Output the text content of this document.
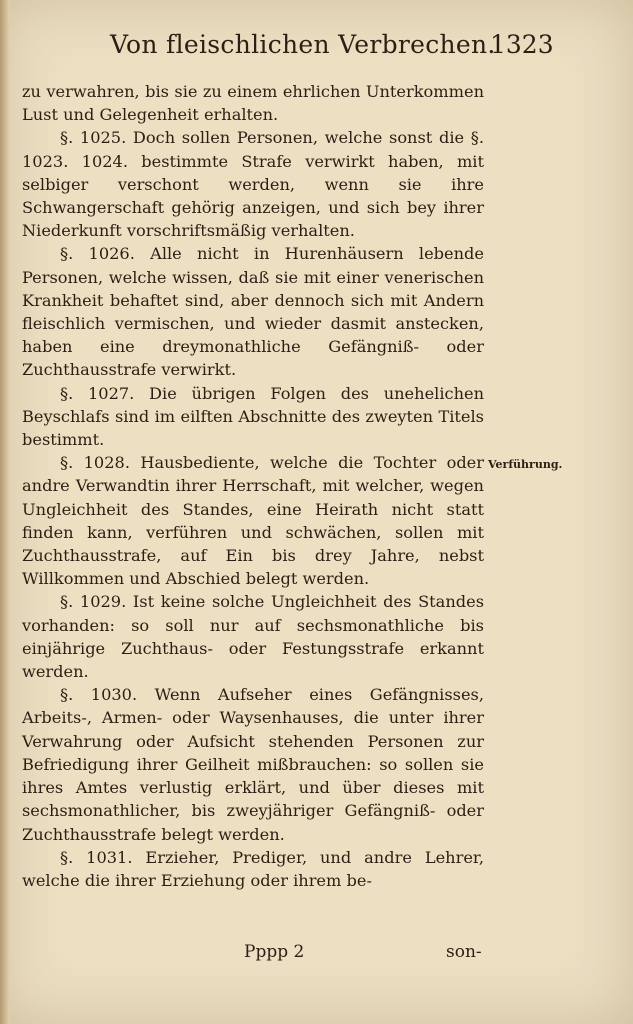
Von fleischlichen Verbrechen.
1323

zu verwahren, bis sie zu einem ehrlichen Unterkommen Lust und Gelegenheit erhalten.

§. 1025. Doch sollen Personen, welche sonst die §. 1023. 1024. bestimmte Strafe verwirkt haben, mit selbiger verschont werden, wenn sie ihre Schwangerschaft gehörig anzeigen, und sich bey ihrer Niederkunft vorschriftsmäßig verhalten.

§. 1026. Alle nicht in Hurenhäusern lebende Personen, welche wissen, daß sie mit einer venerischen Krankheit behaftet sind, aber dennoch sich mit Andern fleischlich vermischen, und wieder dasmit anstecken, haben eine dreymonathliche Gefängniß- oder Zuchthausstrafe verwirkt.

§. 1027. Die übrigen Folgen des unehelichen Beyschlafs sind im eilften Abschnitte des zweyten Titels bestimmt.

§. 1028. Hausbediente, welche die Tochter oder andre Verwandtin ihrer Herrschaft, mit welcher, wegen Ungleichheit des Standes, eine Heirath nicht statt finden kann, verführen und schwächen, sollen mit Zuchthausstrafe, auf Ein bis drey Jahre, nebst Willkommen und Abschied belegt werden.

§. 1029. Ist keine solche Ungleichheit des Standes vorhanden: so soll nur auf sechsmonathliche bis einjährige Zuchthaus- oder Festungsstrafe erkannt werden.

§. 1030. Wenn Aufseher eines Gefängnisses, Arbeits-, Armen- oder Waysenhauses, die unter ihrer Verwahrung oder Aufsicht stehenden Personen zur Befriedigung ihrer Geilheit mißbrauchen: so sollen sie ihres Amtes verlustig erklärt, und über dieses mit sechsmonathlicher, bis zweyjähriger Gefängniß- oder Zuchthausstrafe belegt werden.

§. 1031. Erzieher, Prediger, und andre Lehrer, welche die ihrer Erziehung oder ihrem be-

Verführung.
Pppp 2	son-
